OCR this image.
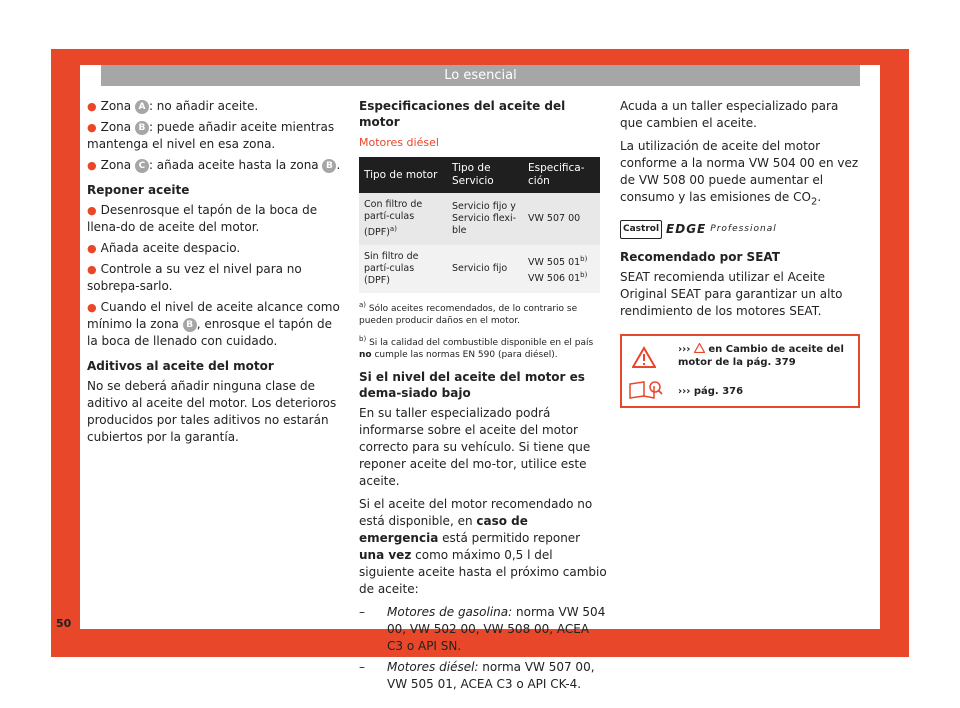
Lo esencial

● Zona A : no añadir aceite.

● Zona B : puede añadir aceite mientras mantenga el nivel en esa zona.

● Zona C : añada aceite hasta la zona B .

Reponer aceite

● Desenrosque el tapón de la boca de llena-do de aceite del motor.

● Añada aceite despacio.

● Controle a su vez el nivel para no sobrepa-sarlo.

● Cuando el nivel de aceite alcance como mínimo la zona B , enrosque el tapón de la boca de llenado con cuidado.

Aditivos al aceite del motor

No se deberá añadir ninguna clase de aditivo al aceite del motor. Los deterioros producidos por tales aditivos no estarán cubiertos por la garantía.

Especificaciones del aceite del motor

Motores diésel

Tipo de motor	Tipo de Servicio	Especifica-ción
Con filtro de partí-culas (DPF)$^{a)}$	Servicio fijo y Servicio flexi-ble	VW 507 00
Sin filtro de partí-culas (DPF)	Servicio fijo	VW 505 01$^{b)}$
VW 506 01$^{b)}$

$^{a)}$ Sólo aceites recomendados, de lo contrario se pueden producir daños en el motor.

$^{b)}$ Si la calidad del combustible disponible en el país no cumple las normas EN 590 (para diésel).

Si el nivel del aceite del motor es dema-siado bajo

En su taller especializado podrá informarse sobre el aceite del motor correcto para su vehículo. Si tiene que reponer aceite del mo-tor, utilice este aceite.

Si el aceite del motor recomendado no está disponible, en caso de emergencia está permitido reponer una vez como máximo 0,5 l del siguiente aceite hasta el próximo cambio de aceite:

–	Motores de gasolina: norma VW 504 00, VW 502 00, VW 508 00, ACEA C3 o API SN.
–	Motores diésel: norma VW 507 00, VW 505 01, ACEA C3 o API CK-4.

Acuda a un taller especializado para que cambien el aceite.

La utilización de aceite del motor conforme a la norma VW 504 00 en vez de VW 508 00 puede aumentar el consumo y las emisiones de $CO_2$.

Castrol EDGE Professional
Recomendado por SEAT

SEAT recomienda utilizar el Aceite Original SEAT para garantizar un alto rendimiento de los motores SEAT.

›››  en Cambio de aceite del motor de la pág. 379
››› pág. 376
50
